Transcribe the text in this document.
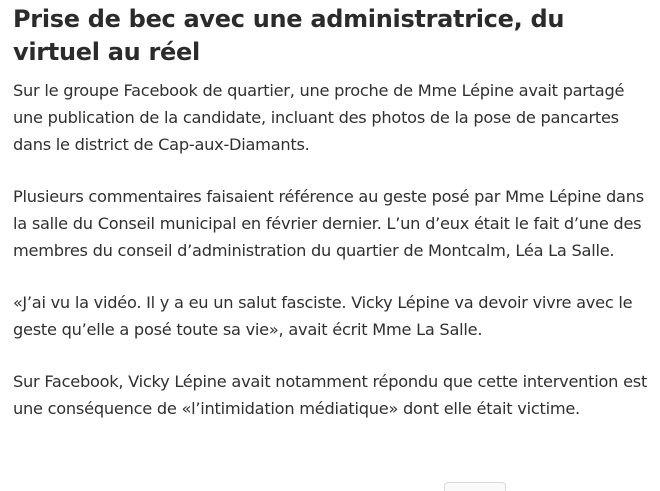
Prise de bec avec une administratrice, du virtuel au réel

Sur le groupe Facebook de quartier, une proche de Mme Lépine avait partagé une publication de la candidate, incluant des photos de la pose de pancartes dans le district de Cap-aux-Diamants.

Plusieurs commentaires faisaient référence au geste posé par Mme Lépine dans la salle du Conseil municipal en février dernier. L’un d’eux était le fait d’une des membres du conseil d’administration du quartier de Montcalm, Léa La Salle.

«J’ai vu la vidéo. Il y a eu un salut fasciste. Vicky Lépine va devoir vivre avec le geste qu’elle a posé toute sa vie», avait écrit Mme La Salle.

Sur Facebook, Vicky Lépine avait notamment répondu que cette intervention est une conséquence de «l’intimidation médiatique» dont elle était victime.
